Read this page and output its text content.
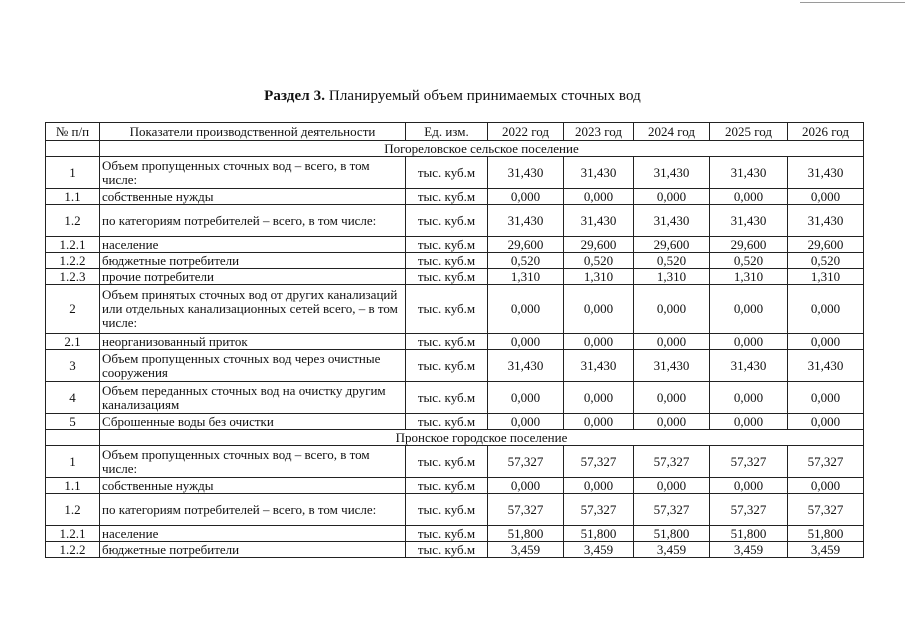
Раздел 3. Планируемый объем принимаемых сточных вод
№ п/п	Показатели производственной деятельности	Ед. изм.	2022 год	2023 год	2024 год	2025 год	2026 год
	Погореловское сельское поселение						
1	Объем пропущенных сточных вод – всего, в том числе:	тыс. куб.м	31,430	31,430	31,430	31,430	31,430
1.1	собственные нужды	тыс. куб.м	0,000	0,000	0,000	0,000	0,000
1.2	по категориям потребителей – всего, в том числе:	тыс. куб.м	31,430	31,430	31,430	31,430	31,430
1.2.1	население	тыс. куб.м	29,600	29,600	29,600	29,600	29,600
1.2.2	бюджетные потребители	тыс. куб.м	0,520	0,520	0,520	0,520	0,520
1.2.3	прочие потребители	тыс. куб.м	1,310	1,310	1,310	1,310	1,310
2	Объем принятых сточных вод от других канализаций или отдельных канализационных сетей всего, – в том числе:	тыс. куб.м	0,000	0,000	0,000	0,000	0,000
2.1	неорганизованный приток	тыс. куб.м	0,000	0,000	0,000	0,000	0,000
3	Объем пропущенных сточных вод через очистные сооружения	тыс. куб.м	31,430	31,430	31,430	31,430	31,430
4	Объем переданных сточных вод на очистку другим канализациям	тыс. куб.м	0,000	0,000	0,000	0,000	0,000
5	Сброшенные воды без очистки	тыс. куб.м	0,000	0,000	0,000	0,000	0,000
	Пронское городское поселение						
1	Объем пропущенных сточных вод – всего, в том числе:	тыс. куб.м	57,327	57,327	57,327	57,327	57,327
1.1	собственные нужды	тыс. куб.м	0,000	0,000	0,000	0,000	0,000
1.2	по категориям потребителей – всего, в том числе:	тыс. куб.м	57,327	57,327	57,327	57,327	57,327
1.2.1	население	тыс. куб.м	51,800	51,800	51,800	51,800	51,800
1.2.2	бюджетные потребители	тыс. куб.м	3,459	3,459	3,459	3,459	3,459
